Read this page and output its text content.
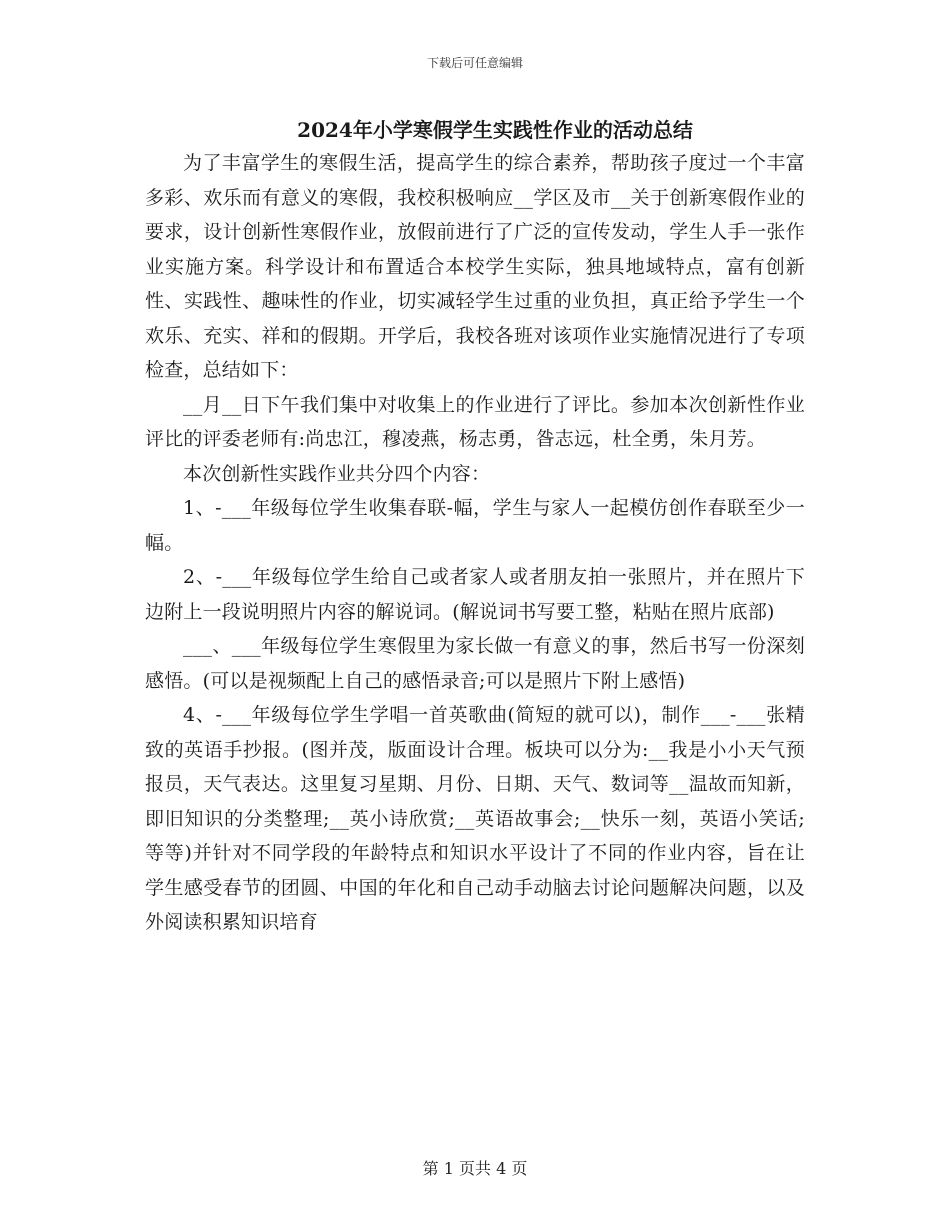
下载后可任意编辑
2024年小学寒假学生实践性作业的活动总结

为了丰富学生的寒假生活，提高学生的综合素养，帮助孩子度过一个丰富多彩、欢乐而有意义的寒假，我校积极响应__学区及市__关于创新寒假作业的要求，设计创新性寒假作业，放假前进行了广泛的宣传发动，学生人手一张作业实施方案。科学设计和布置适合本校学生实际，独具地域特点，富有创新性、实践性、趣味性的作业，切实减轻学生过重的业负担，真正给予学生一个欢乐、充实、祥和的假期。开学后，我校各班对该项作业实施情况进行了专项检查，总结如下：

__月__日下午我们集中对收集上的作业进行了评比。参加本次创新性作业评比的评委老师有:尚忠江，穆凌燕，杨志勇，昝志远，杜全勇，朱月芳。

本次创新性实践作业共分四个内容：

1、-___年级每位学生收集春联-幅，学生与家人一起模仿创作春联至少一幅。

2、-___年级每位学生给自己或者家人或者朋友拍一张照片，并在照片下边附上一段说明照片内容的解说词。(解说词书写要工整，粘贴在照片底部)

___、___年级每位学生寒假里为家长做一有意义的事，然后书写一份深刻感悟。(可以是视频配上自己的感悟录音;可以是照片下附上感悟)

4、-___年级每位学生学唱一首英歌曲(简短的就可以)，制作___-___张精致的英语手抄报。(图并茂，版面设计合理。板块可以分为:__我是小小天气预报员，天气表达。这里复习星期、月份、日期、天气、数词等__温故而知新，即旧知识的分类整理;__英小诗欣赏;__英语故事会;__快乐一刻，英语小笑话;等等)并针对不同学段的年龄特点和知识水平设计了不同的作业内容，旨在让学生感受春节的团圆、中国的年化和自己动手动脑去讨论问题解决问题，以及外阅读积累知识培育

第 1 页共 4 页
